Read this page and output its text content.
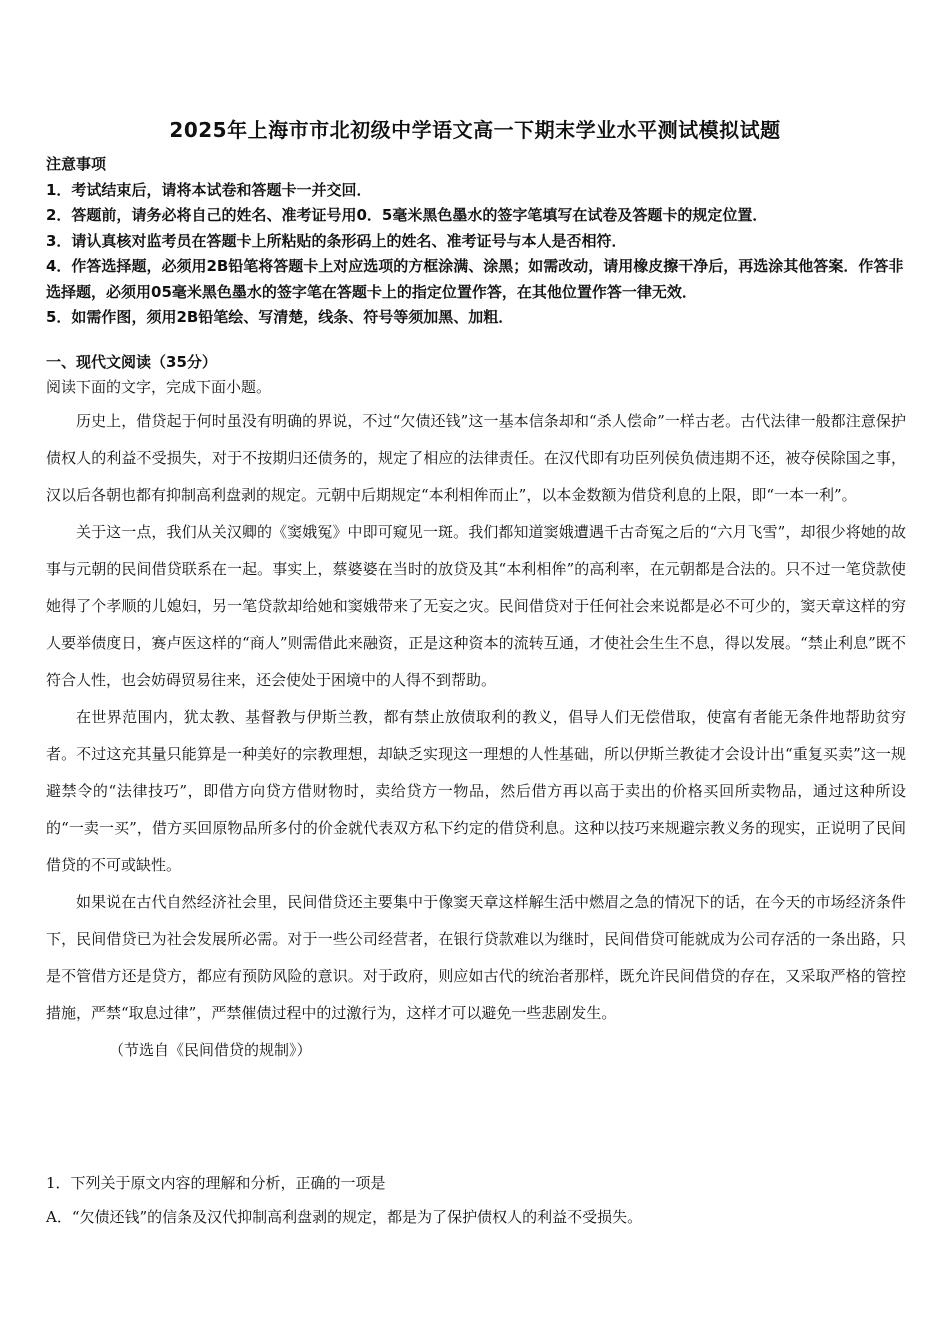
2025年上海市市北初级中学语文高一下期末学业水平测试模拟试题

注意事项

1．考试结束后，请将本试卷和答题卡一并交回．

2．答题前，请务必将自己的姓名、准考证号用0．5毫米黑色墨水的签字笔填写在试卷及答题卡的规定位置．

3．请认真核对监考员在答题卡上所粘贴的条形码上的姓名、准考证号与本人是否相符．

4．作答选择题，必须用2B铅笔将答题卡上对应选项的方框涂满、涂黑；如需改动，请用橡皮擦干净后，再选涂其他答案．作答非选择题，必须用05毫米黑色墨水的签字笔在答题卡上的指定位置作答，在其他位置作答一律无效．

5．如需作图，须用2B铅笔绘、写清楚，线条、符号等须加黑、加粗．

一、现代文阅读（35分）

阅读下面的文字，完成下面小题。

历史上，借贷起于何时虽没有明确的界说，不过“欠债还钱”这一基本信条却和“杀人偿命”一样古老。古代法律一般都注意保护债权人的利益不受损失，对于不按期归还债务的，规定了相应的法律责任。在汉代即有功臣列侯负债违期不还，被夺侯除国之事，汉以后各朝也都有抑制高利盘剥的规定。元朝中后期规定“本利相侔而止”，以本金数额为借贷利息的上限，即“一本一利”。

关于这一点，我们从关汉卿的《窦娥冤》中即可窥见一斑。我们都知道窦娥遭遇千古奇冤之后的“六月飞雪”，却很少将她的故事与元朝的民间借贷联系在一起。事实上，蔡婆婆在当时的放贷及其“本利相侔”的高利率，在元朝都是合法的。只不过一笔贷款使她得了个孝顺的儿媳妇，另一笔贷款却给她和窦娥带来了无妄之灾。民间借贷对于任何社会来说都是必不可少的，窦天章这样的穷人要举债度日，赛卢医这样的“商人”则需借此来融资，正是这种资本的流转互通，才使社会生生不息，得以发展。“禁止利息”既不符合人性，也会妨碍贸易往来，还会使处于困境中的人得不到帮助。

在世界范围内，犹太教、基督教与伊斯兰教，都有禁止放债取利的教义，倡导人们无偿借取，使富有者能无条件地帮助贫穷者。不过这充其量只能算是一种美好的宗教理想，却缺乏实现这一理想的人性基础，所以伊斯兰教徒才会设计出“重复买卖”这一规避禁令的“法律技巧”，即借方向贷方借财物时，卖给贷方一物品，然后借方再以高于卖出的价格买回所卖物品，通过这种所设的“一卖一买”，借方买回原物品所多付的价金就代表双方私下约定的借贷利息。这种以技巧来规避宗教义务的现实，正说明了民间借贷的不可或缺性。

如果说在古代自然经济社会里，民间借贷还主要集中于像窦天章这样解生活中燃眉之急的情况下的话，在今天的市场经济条件下，民间借贷已为社会发展所必需。对于一些公司经营者，在银行贷款难以为继时，民间借贷可能就成为公司存活的一条出路，只是不管借方还是贷方，都应有预防风险的意识。对于政府，则应如古代的统治者那样，既允许民间借贷的存在，又采取严格的管控措施，严禁“取息过律”，严禁催债过程中的过激行为，这样才可以避免一些悲剧发生。

（节选自《民间借贷的规制》）

1．下列关于原文内容的理解和分析，正确的一项是

A．“欠债还钱”的信条及汉代抑制高利盘剥的规定，都是为了保护债权人的利益不受损失。
